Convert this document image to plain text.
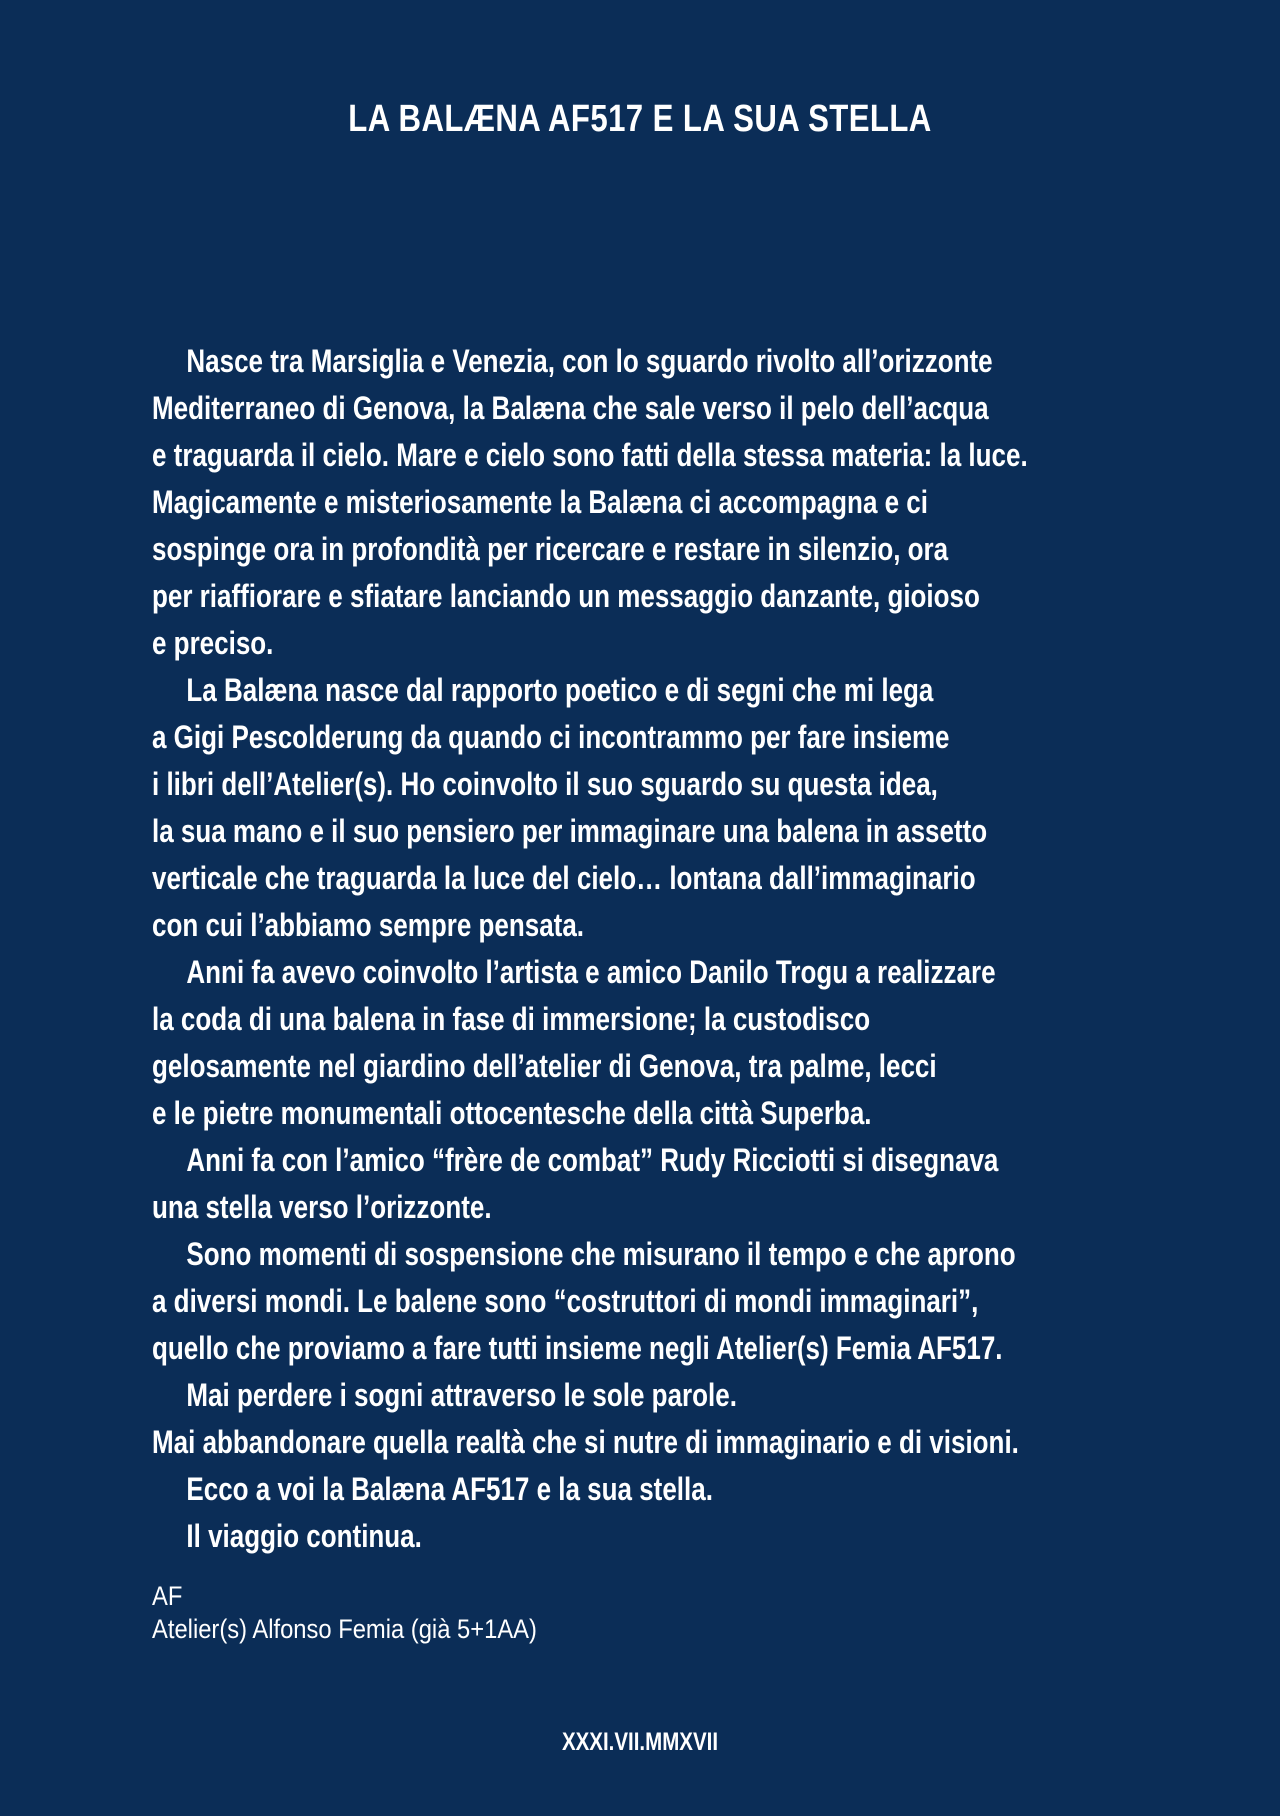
LA BALÆNA AF517 E LA SUA STELLA
Nasce tra Marsiglia e Venezia, con lo sguardo rivolto all’orizzonte
Mediterraneo di Genova, la Balæna che sale verso il pelo dell’acqua
e traguarda il cielo. Mare e cielo sono fatti della stessa materia: la luce.
Magicamente e misteriosamente la Balæna ci accompagna e ci
sospinge ora in profondità per ricercare e restare in silenzio, ora
per riaffiorare e sfiatare lanciando un messaggio danzante, gioioso
e preciso.
La Balæna nasce dal rapporto poetico e di segni che mi lega
a Gigi Pescolderung da quando ci incontrammo per fare insieme
i libri dell’Atelier(s). Ho coinvolto il suo sguardo su questa idea,
la sua mano e il suo pensiero per immaginare una balena in assetto
verticale che traguarda la luce del cielo… lontana dall’immaginario
con cui l’abbiamo sempre pensata.
Anni fa avevo coinvolto l’artista e amico Danilo Trogu a realizzare
la coda di una balena in fase di immersione; la custodisco
gelosamente nel giardino dell’atelier di Genova, tra palme, lecci
e le pietre monumentali ottocentesche della città Superba.
Anni fa con l’amico “frère de combat” Rudy Ricciotti si disegnava
una stella verso l’orizzonte.
Sono momenti di sospensione che misurano il tempo e che aprono
a diversi mondi. Le balene sono “costruttori di mondi immaginari”,
quello che proviamo a fare tutti insieme negli Atelier(s) Femia AF517.
Mai perdere i sogni attraverso le sole parole.
Mai abbandonare quella realtà che si nutre di immaginario e di visioni.
Ecco a voi la Balæna AF517 e la sua stella.
Il viaggio continua.
AF
Atelier(s) Alfonso Femia (già 5+1AA)

XXXI.VII.MMXVII
